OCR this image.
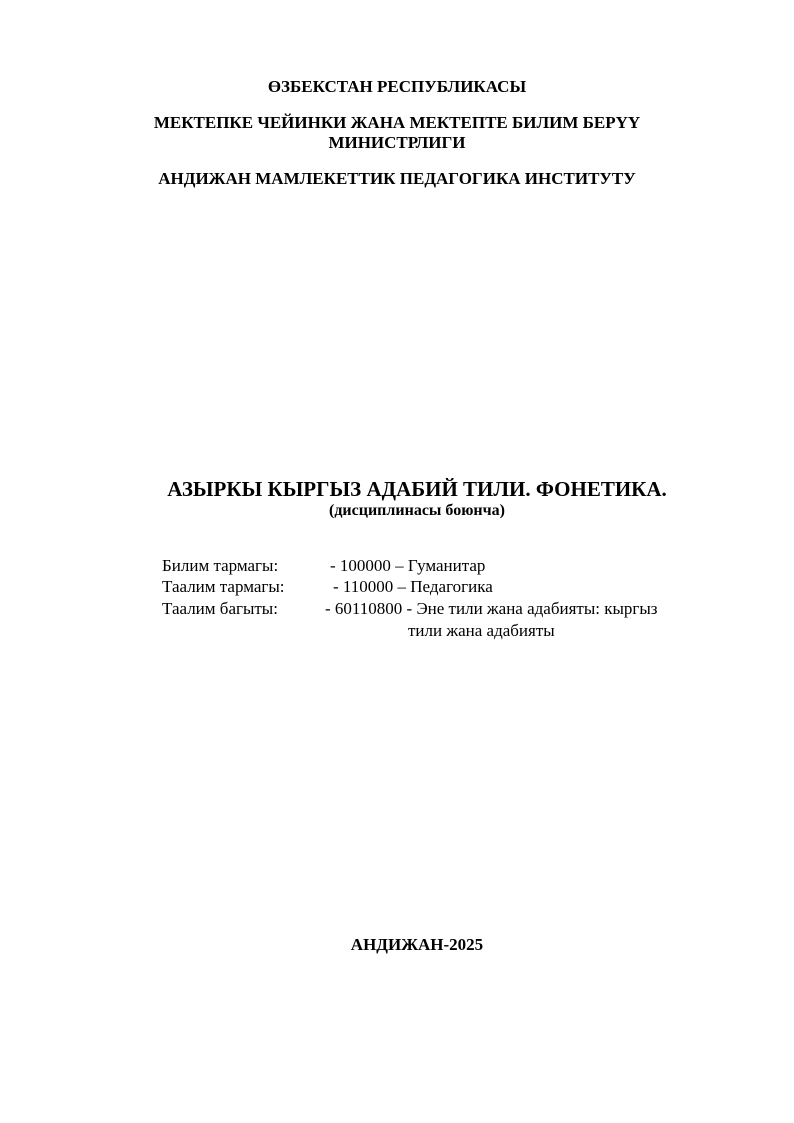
ӨЗБЕКСТАН РЕСПУБЛИКАСЫ
МЕКТЕПКЕ ЧЕЙИНКИ ЖАНА МЕКТЕПТЕ БИЛИМ БЕРҮҮ
МИНИСТРЛИГИ
АНДИЖАН МАМЛЕКЕТТИК ПЕДАГОГИКА ИНСТИТУТУ
АЗЫРКЫ КЫРГЫЗ АДАБИЙ ТИЛИ. ФОНЕТИКА.
(дисциплинасы боюнча)
Билим тармагы:	- 100000 – Гуманитар
Таалим тармагы:	- 110000 – Педагогика
Таалим багыты:	- 60110800 - Эне тили жана адабияты: кыргыз
тили жана адабияты
АНДИЖАН-2025
